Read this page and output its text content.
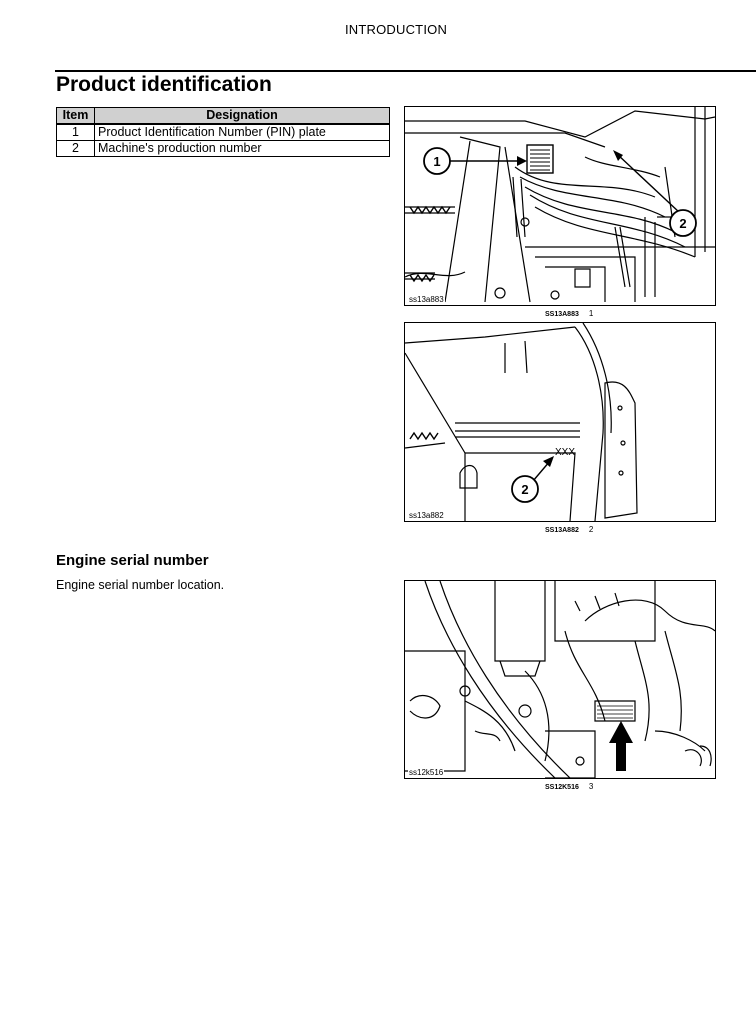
INTRODUCTION
Product identification
Item	Designation
1	Product Identification Number (PIN) plate
2	Machine's production number
1
2
ss13a883
SS13A883 1
XXX
2
ss13a882
SS13A882 2
Engine serial number

Engine serial number location.

ss12k516
SS12K516 3
